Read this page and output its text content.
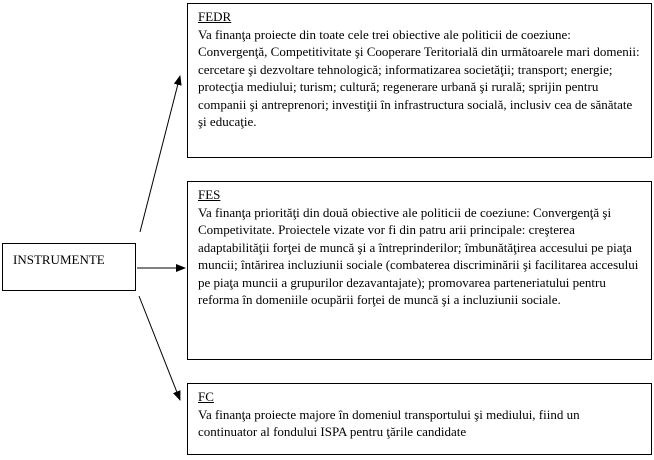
INSTRUMENTE
FEDR
Va finanţa proiecte din toate cele trei obiective ale politicii de coeziune: Convergenţă, Competitivitate şi Cooperare Teritorială din următoarele mari domenii: cercetare şi dezvoltare tehnologică; informatizarea societăţii; transport; energie; protecţia mediului; turism; cultură; regenerare urbană şi rurală; sprijin pentru companii şi antreprenori; investiţii în infrastructura socială, inclusiv cea de sănătate şi educaţie.
FES
Va finanţa priorităţi din două obiective ale politicii de coeziune: Convergenţă şi Competivitate. Proiectele vizate vor fi din patru arii principale: creşterea adaptabilităţii forţei de muncă şi a întreprinderilor; îmbunătăţirea accesului pe piaţa muncii; întărirea incluziunii sociale (combaterea discriminării şi facilitarea accesului pe piaţa muncii a grupurilor dezavantajate); promovarea parteneriatului pentru reforma în domeniile ocupării forţei de muncă şi a incluziunii sociale.
FC
Va finanţa proiecte majore în domeniul transportului şi mediului, fiind un continuator al fondului ISPA pentru ţările candidate
